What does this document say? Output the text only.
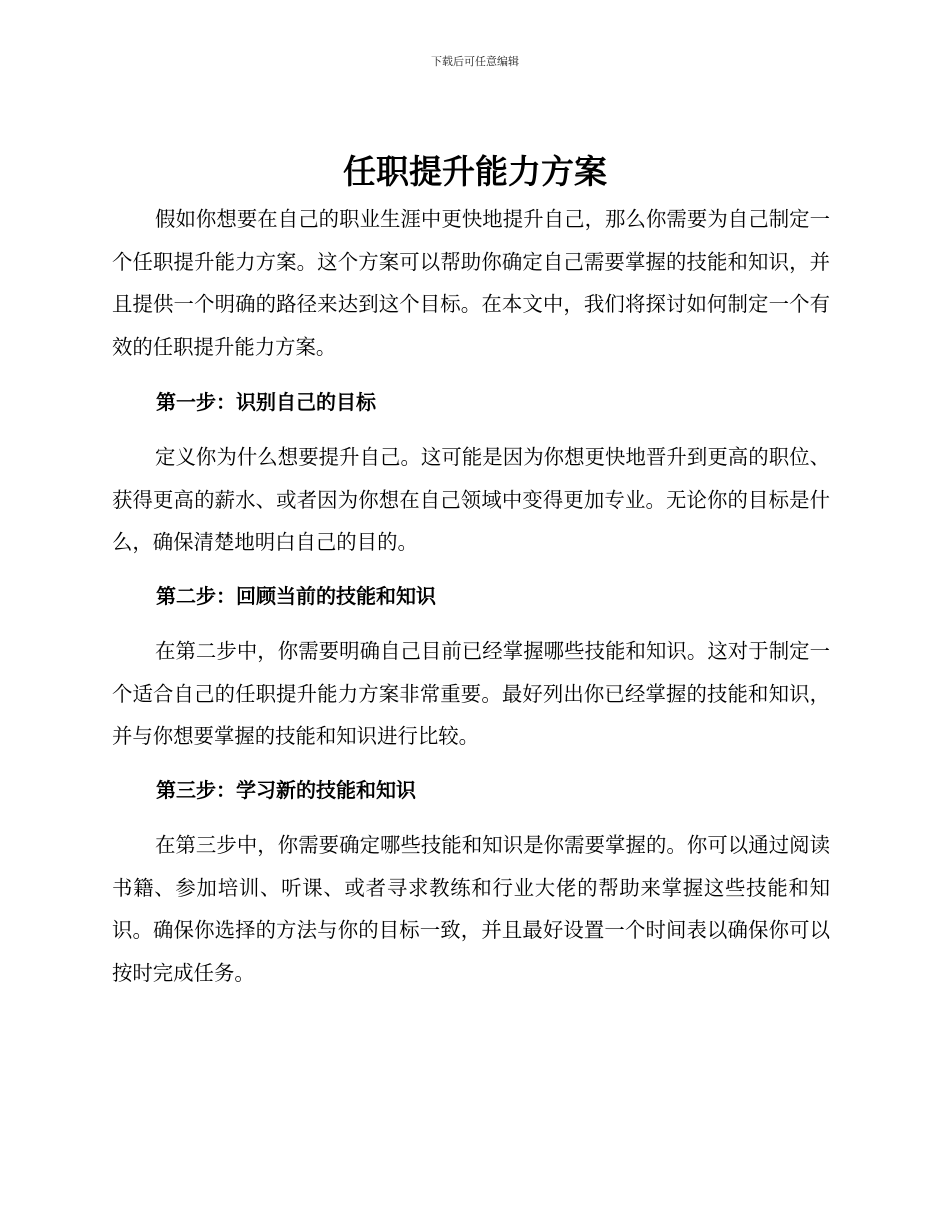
下载后可任意编辑
任职提升能力方案

假如你想要在自己的职业生涯中更快地提升自己，那么你需要为自己制定一个任职提升能力方案。这个方案可以帮助你确定自己需要掌握的技能和知识，并且提供一个明确的路径来达到这个目标。在本文中，我们将探讨如何制定一个有效的任职提升能力方案。

第一步：识别自己的目标

定义你为什么想要提升自己。这可能是因为你想更快地晋升到更高的职位、获得更高的薪水、或者因为你想在自己领域中变得更加专业。无论你的目标是什么，确保清楚地明白自己的目的。

第二步：回顾当前的技能和知识

在第二步中，你需要明确自己目前已经掌握哪些技能和知识。这对于制定一个适合自己的任职提升能力方案非常重要。最好列出你已经掌握的技能和知识，并与你想要掌握的技能和知识进行比较。

第三步：学习新的技能和知识

在第三步中，你需要确定哪些技能和知识是你需要掌握的。你可以通过阅读书籍、参加培训、听课、或者寻求教练和行业大佬的帮助来掌握这些技能和知识。确保你选择的方法与你的目标一致，并且最好设置一个时间表以确保你可以按时完成任务。
